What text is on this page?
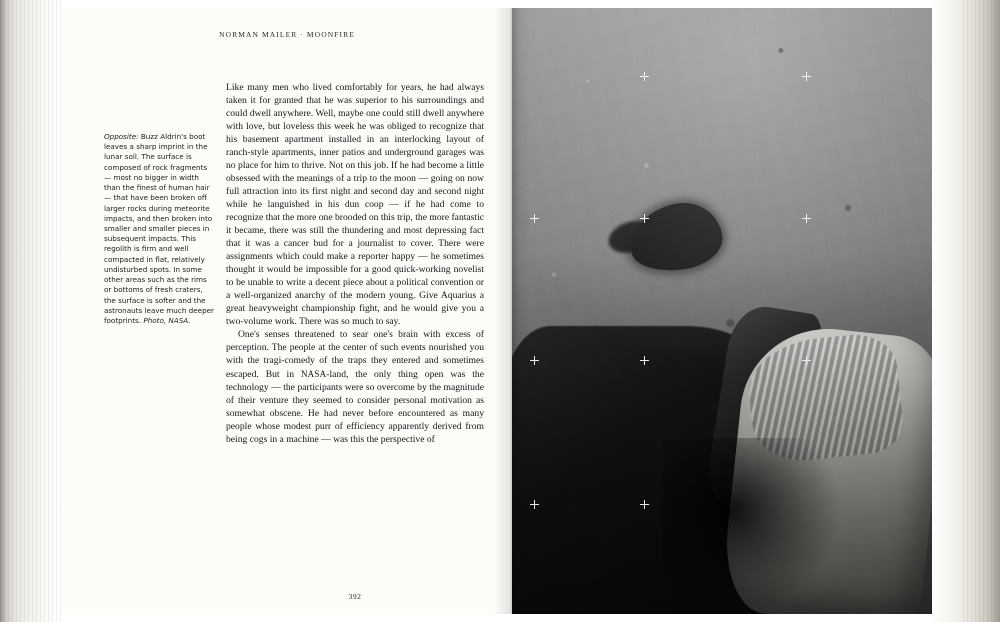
NORMAN MAILER · MOONFIRE
Opposite: Buzz Aldrin's boot leaves a sharp imprint in the lunar soil. The surface is composed of rock fragments — most no bigger in width than the finest of human hair — that have been broken off larger rocks during meteorite impacts, and then broken into smaller and smaller pieces in subsequent impacts. This regolith is firm and well compacted in flat, relatively undisturbed spots. In some other areas such as the rims or bottoms of fresh craters, the surface is softer and the astronauts leave much deeper footprints. Photo, NASA.

Like many men who lived comfortably for years, he had always taken it for granted that he was superior to his surroundings and could dwell anywhere. Well, maybe one could still dwell anywhere with love, but loveless this week he was obliged to recognize that his basement apartment installed in an interlocking layout of ranch-style apartments, inner patios and underground garages was no place for him to thrive. Not on this job. If he had become a little obsessed with the meanings of a trip to the moon — going on now full attraction into its first night and second day and second night while he languished in his dun coop — if he had come to recognize that the more one brooded on this trip, the more fantastic it became, there was still the thundering and most depressing fact that it was a cancer bud for a journalist to cover. There were assignments which could make a reporter happy — he sometimes thought it would be impossible for a good quick-working novelist to be unable to write a decent piece about a political convention or a well-organized anarchy of the modern young. Give Aquarius a great heavyweight championship fight, and he would give you a two-volume work. There was so much to say.

One's senses threatened to sear one's brain with excess of perception. The people at the center of such events nourished you with the tragi-comedy of the traps they entered and sometimes escaped. But in NASA-land, the only thing open was the technology — the participants were so overcome by the magnitude of their venture they seemed to consider personal motivation as somewhat obscene. He had never before encountered as many people whose modest purr of efficiency apparently derived from being cogs in a machine — was this the perspective of

392
